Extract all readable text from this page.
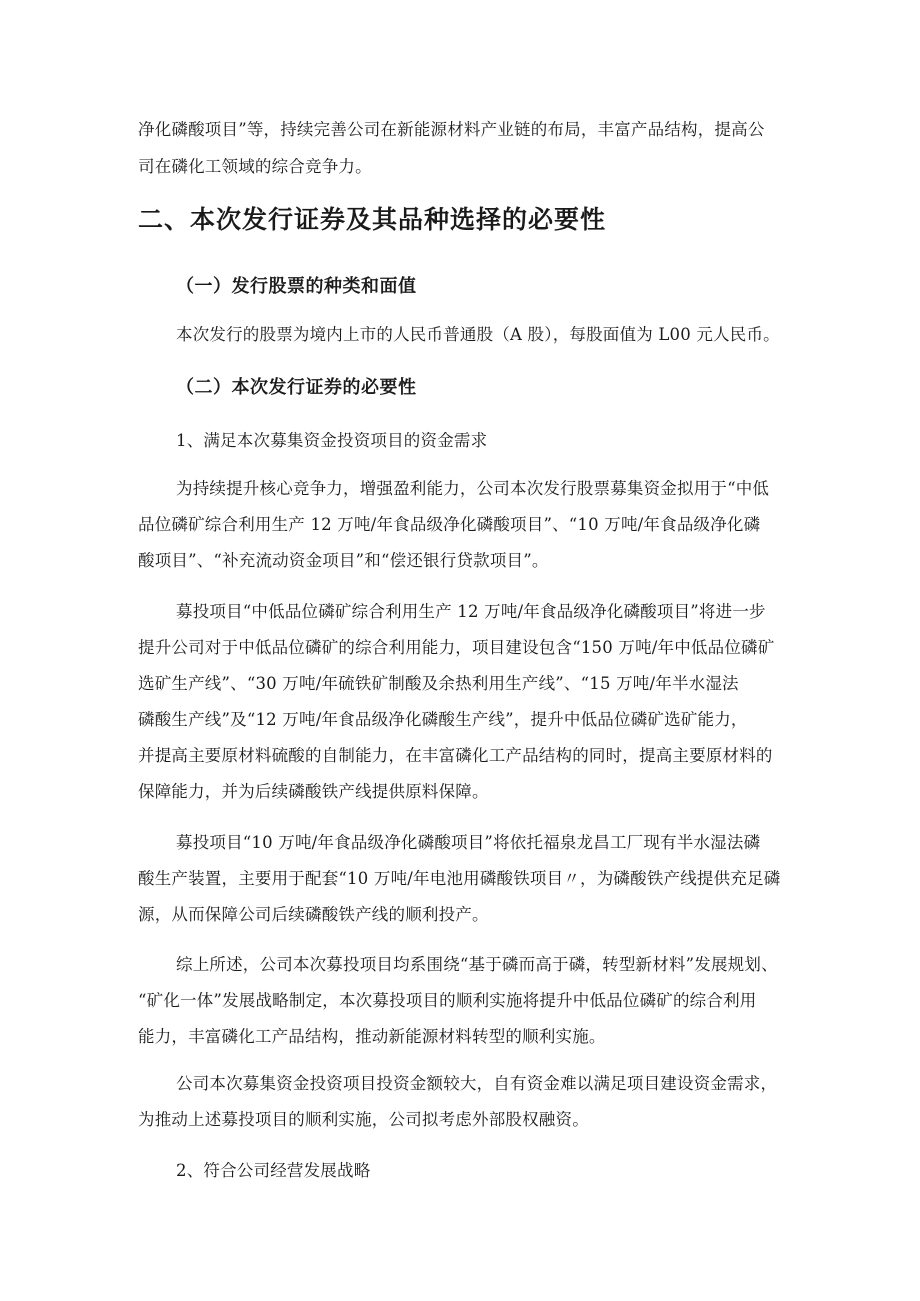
净化磷酸项目”等，持续完善公司在新能源材料产业链的布局，丰富产品结构，提高公
司在磷化工领域的综合竞争力。
二、本次发行证券及其品种选择的必要性
（一）发行股票的种类和面值
本次发行的股票为境内上市的人民币普通股（A 股），每股面值为 L00 元人民币。
（二）本次发行证券的必要性
1、满足本次募集资金投资项目的资金需求
为持续提升核心竞争力，增强盈利能力，公司本次发行股票募集资金拟用于“中低
品位磷矿综合利用生产 12 万吨/年食品级净化磷酸项目”、“10 万吨/年食品级净化磷
酸项目”、“补充流动资金项目”和“偿还银行贷款项目”。
募投项目“中低品位磷矿综合利用生产 12 万吨/年食品级净化磷酸项目”将进一步
提升公司对于中低品位磷矿的综合利用能力，项目建设包含“150 万吨/年中低品位磷矿
选矿生产线”、“30 万吨/年硫铁矿制酸及余热利用生产线”、“15 万吨/年半水湿法
磷酸生产线”及“12 万吨/年食品级净化磷酸生产线”，提升中低品位磷矿选矿能力，
并提高主要原材料硫酸的自制能力，在丰富磷化工产品结构的同时，提高主要原材料的
保障能力，并为后续磷酸铁产线提供原料保障。
募投项目“10 万吨/年食品级净化磷酸项目”将依托福泉龙昌工厂现有半水湿法磷
酸生产装置，主要用于配套“10 万吨/年电池用磷酸铁项目〃，为磷酸铁产线提供充足磷
源，从而保障公司后续磷酸铁产线的顺利投产。
综上所述，公司本次募投项目均系围绕“基于磷而高于磷，转型新材料”发展规划、
“矿化一体”发展战略制定，本次募投项目的顺利实施将提升中低品位磷矿的综合利用
能力，丰富磷化工产品结构，推动新能源材料转型的顺利实施。
公司本次募集资金投资项目投资金额较大，自有资金难以满足项目建设资金需求，
为推动上述募投项目的顺利实施，公司拟考虑外部股权融资。
2、符合公司经营发展战略
